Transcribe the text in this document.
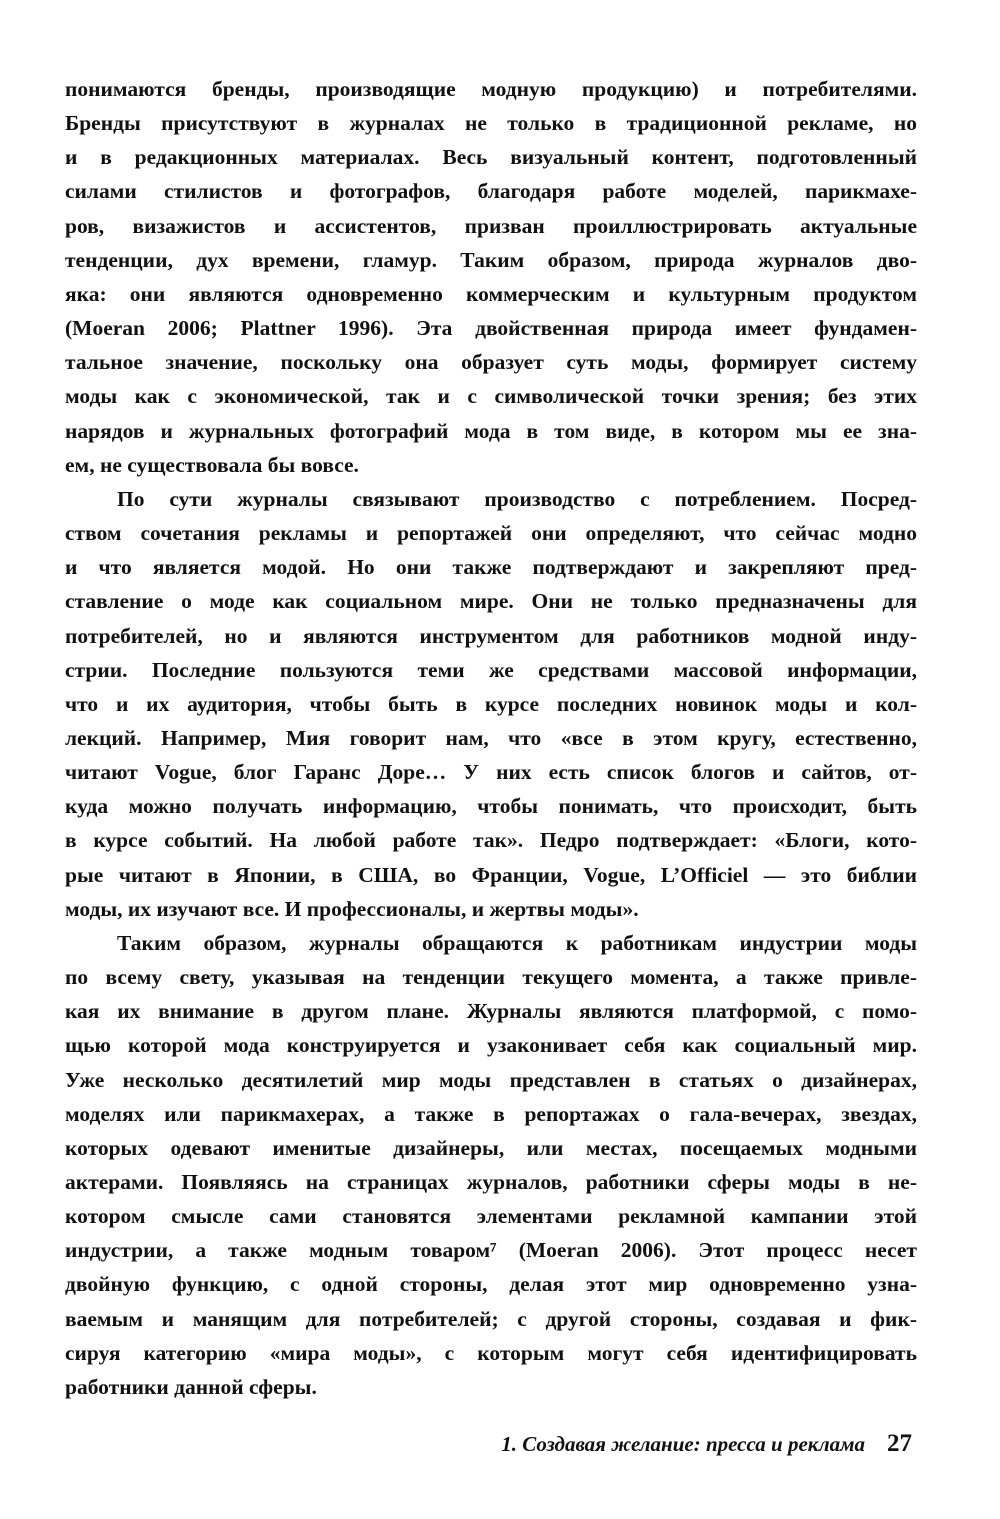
понимаются бренды, производящие модную продукцию) и потребителями.
Бренды присутствуют в журналах не только в традиционной рекламе, но
и в редакционных материалах. Весь визуальный контент, подготовленный
силами стилистов и фотографов, благодаря работе моделей, парикмахе-
ров, визажистов и ассистентов, призван проиллюстрировать актуальные
тенденции, дух времени, гламур. Таким образом, природа журналов дво-
яка: они являются одновременно коммерческим и культурным продуктом
(Moeran 2006; Plattner 1996). Эта двойственная природа имеет фундамен-
тальное значение, поскольку она образует суть моды, формирует систему
моды как с экономической, так и с символической точки зрения; без этих
нарядов и журнальных фотографий мода в том виде, в котором мы ее зна-
ем, не существовала бы вовсе.
По сути журналы связывают производство с потреблением. Посред-
ством сочетания рекламы и репортажей они определяют, что сейчас модно
и что является модой. Но они также подтверждают и закрепляют пред-
ставление о моде как социальном мире. Они не только предназначены для
потребителей, но и являются инструментом для работников модной инду-
стрии. Последние пользуются теми же средствами массовой информации,
что и их аудитория, чтобы быть в курсе последних новинок моды и кол-
лекций. Например, Мия говорит нам, что «все в этом кругу, естественно,
читают Vogue, блог Гаранс Доре… У них есть список блогов и сайтов, от-
куда можно получать информацию, чтобы понимать, что происходит, быть
в курсе событий. На любой работе так». Педро подтверждает: «Блоги, кото-
рые читают в Японии, в США, во Франции, Vogue, L’Officiel — это библии
моды, их изучают все. И профессионалы, и жертвы моды».
Таким образом, журналы обращаются к работникам индустрии моды
по всему свету, указывая на тенденции текущего момента, а также привле-
кая их внимание в другом плане. Журналы являются платформой, с помо-
щью которой мода конструируется и узаконивает себя как социальный мир.
Уже несколько десятилетий мир моды представлен в статьях о дизайнерах,
моделях или парикмахерах, а также в репортажах о гала-вечерах, звездах,
которых одевают именитые дизайнеры, или местах, посещаемых модными
актерами. Появляясь на страницах журналов, работники сферы моды в не-
котором смысле сами становятся элементами рекламной кампании этой
индустрии, а также модным товаром⁷ (Moeran 2006). Этот процесс несет
двойную функцию, с одной стороны, делая этот мир одновременно узна-
ваемым и манящим для потребителей; с другой стороны, создавая и фик-
сируя категорию «мира моды», с которым могут себя идентифицировать
работники данной сферы.
1. Создавая желание: пресса и реклама 27
